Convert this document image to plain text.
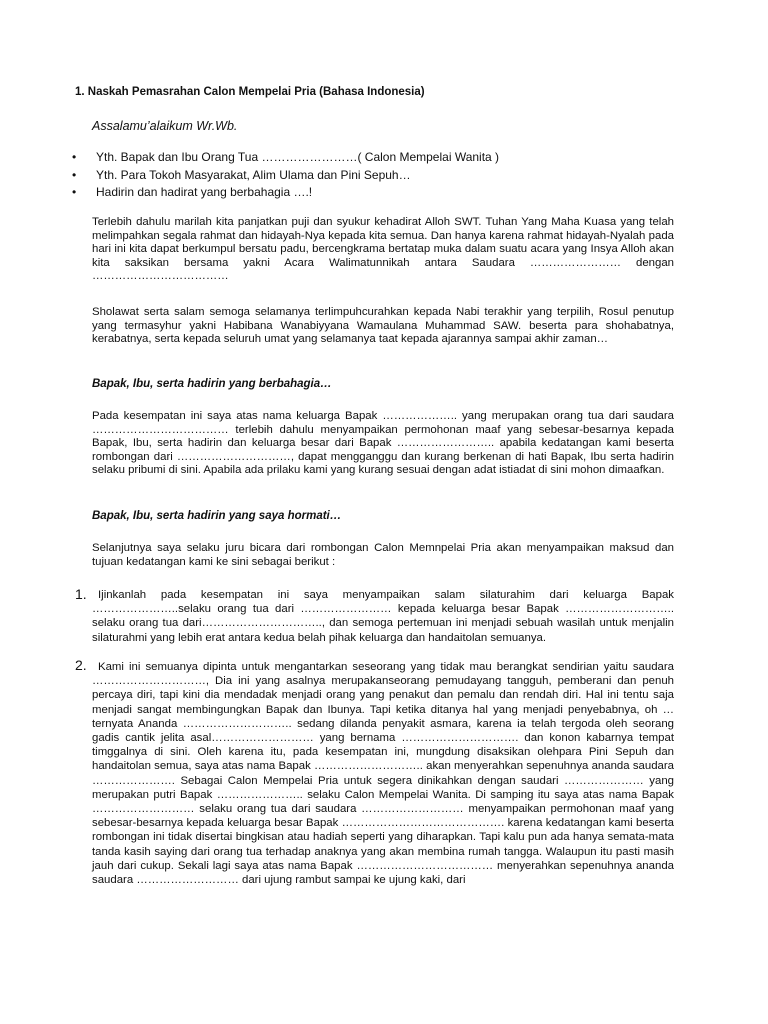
1. Naskah Pemasrahan Calon Mempelai Pria (Bahasa Indonesia)
Assalamu’alaikum Wr.Wb.
• Yth. Bapak dan Ibu Orang Tua ……………………( Calon Mempelai Wanita )
• Yth. Para Tokoh Masyarakat, Alim Ulama dan Pini Sepuh…
• Hadirin dan hadirat yang berbahagia ….!
Terlebih dahulu marilah kita panjatkan puji dan syukur kehadirat Alloh SWT. Tuhan Yang Maha Kuasa yang telah melimpahkan segala rahmat dan hidayah-Nya kepada kita semua. Dan hanya karena rahmat hidayah-Nyalah pada hari ini kita dapat berkumpul bersatu padu, bercengkrama bertatap muka dalam suatu acara yang Insya Alloh akan kita saksikan bersama yakni Acara Walimatunnikah antara Saudara …………………… dengan ………………………………
Sholawat serta salam semoga selamanya terlimpuhcurahkan kepada Nabi terakhir yang terpilih, Rosul penutup yang termasyhur yakni Habibana Wanabiyyana Wamaulana Muhammad SAW. beserta para shohabatnya, kerabatnya, serta kepada seluruh umat yang selamanya taat kepada ajarannya sampai akhir zaman…
Bapak, Ibu, serta hadirin yang berbahagia…
Pada kesempatan ini saya atas nama keluarga Bapak ……………….. yang merupakan orang tua dari saudara ……………………………… terlebih dahulu menyampaikan permohonan maaf yang sebesar-besarnya kepada Bapak, Ibu, serta hadirin dan keluarga besar dari Bapak …………………….. apabila kedatangan kami beserta rombongan dari …………………………, dapat mengganggu dan kurang berkenan di hati Bapak, Ibu serta hadirin selaku pribumi di sini. Apabila ada prilaku kami yang kurang sesuai dengan adat istiadat di sini mohon dimaafkan.
Bapak, Ibu, serta hadirin yang saya hormati…
Selanjutnya saya selaku juru bicara dari rombongan Calon Memnpelai Pria akan menyampaikan maksud dan tujuan kedatangan kami ke sini sebagai berikut :
1. Ijinkanlah pada kesempatan ini saya menyampaikan salam silaturahim dari keluarga Bapak …………………..selaku orang tua dari …………………… kepada keluarga besar Bapak ……………………….. selaku orang tua dari………………………….., dan semoga pertemuan ini menjadi sebuah wasilah untuk menjalin silaturahmi yang lebih erat antara kedua belah pihak keluarga dan handaitolan semuanya.
2. Kami ini semuanya dipinta untuk mengantarkan seseorang yang tidak mau berangkat sendirian yaitu saudara …………………………, Dia ini yang asalnya merupakanseorang pemudayang tangguh, pemberani dan penuh percaya diri, tapi kini dia mendadak menjadi orang yang penakut dan pemalu dan rendah diri. Hal ini tentu saja menjadi sangat membingungkan Bapak dan Ibunya. Tapi ketika ditanya hal yang menjadi penyebabnya, oh …ternyata Ananda ……………………….. sedang dilanda penyakit asmara, karena ia telah tergoda oleh seorang gadis cantik jelita asal……………………… yang bernama …………………………. dan konon kabarnya tempat timggalnya di sini. Oleh karena itu, pada kesempatan ini, mungdung disaksikan olehpara Pini Sepuh dan handaitolan semua, saya atas nama Bapak ……………………….. akan menyerahkan sepenuhnya ananda saudara …………………. Sebagai Calon Mempelai Pria untuk segera dinikahkan dengan saudari ………………… yang merupakan putri Bapak ………………….. selaku Calon Mempelai Wanita. Di samping itu saya atas nama Bapak ……………………… selaku orang tua dari saudara ……………………… menyampaikan permohonan maaf yang sebesar-besarnya kepada keluarga besar Bapak ……………………………………. karena kedatangan kami beserta rombongan ini tidak disertai bingkisan atau hadiah seperti yang diharapkan. Tapi kalu pun ada hanya semata-mata tanda kasih saying dari orang tua terhadap anaknya yang akan membina rumah tangga. Walaupun itu pasti masih jauh dari cukup. Sekali lagi saya atas nama Bapak ……………………………… menyerahkan sepenuhnya ananda saudara ……………………… dari ujung rambut sampai ke ujung kaki, dari
